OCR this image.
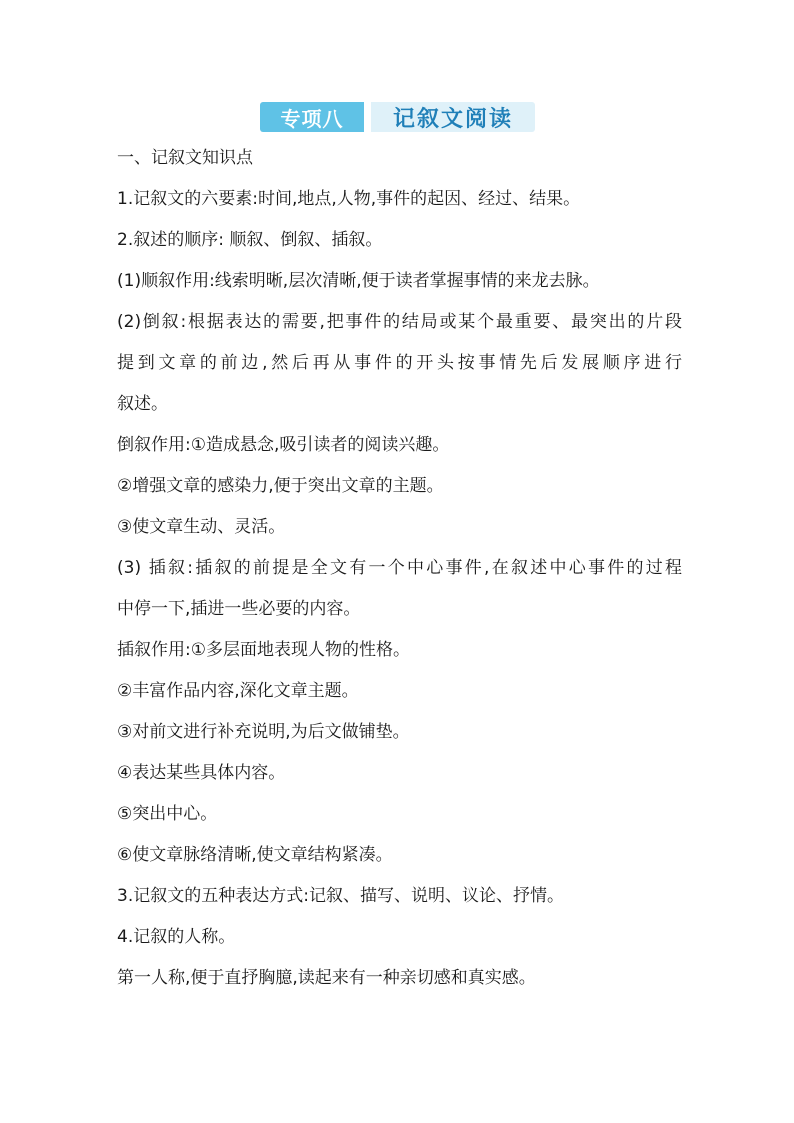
专项八	记叙文阅读
一、记叙文知识点
1.记叙文的六要素:时间,地点,人物,事件的起因、经过、结果。
2.叙述的顺序: 顺叙、倒叙、插叙。
(1)顺叙作用:线索明晰,层次清晰,便于读者掌握事情的来龙去脉。
(2)倒叙:根据表达的需要,把事件的结局或某个最重要、最突出的片段
提到文章的前边,然后再从事件的开头按事情先后发展顺序进行
叙述。
倒叙作用:①造成悬念,吸引读者的阅读兴趣。
②增强文章的感染力,便于突出文章的主题。
③使文章生动、灵活。
(3) 插叙:插叙的前提是全文有一个中心事件,在叙述中心事件的过程
中停一下,插进一些必要的内容。
插叙作用:①多层面地表现人物的性格。
②丰富作品内容,深化文章主题。
③对前文进行补充说明,为后文做铺垫。
④表达某些具体内容。
⑤突出中心。
⑥使文章脉络清晰,使文章结构紧凑。
3.记叙文的五种表达方式:记叙、描写、说明、议论、抒情。
4.记叙的人称。
第一人称,便于直抒胸臆,读起来有一种亲切感和真实感。
